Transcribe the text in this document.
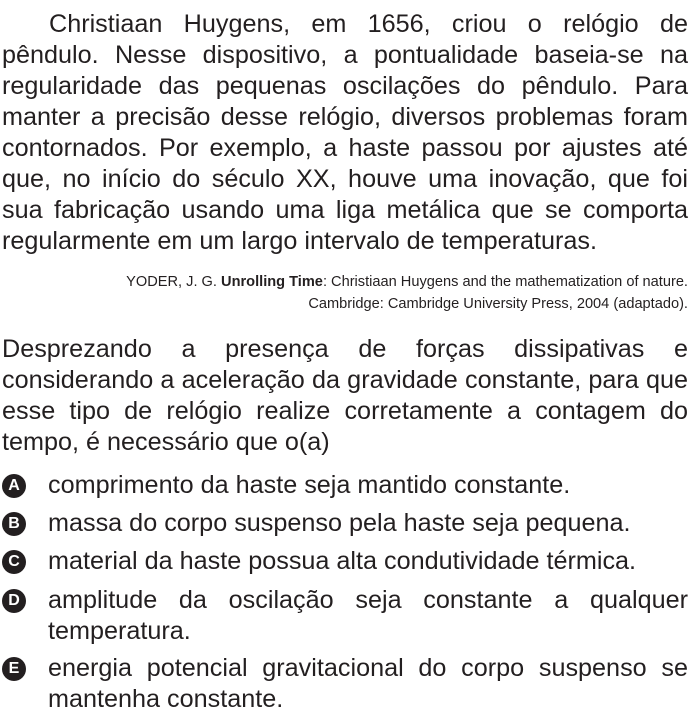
Christiaan Huygens, em 1656, criou o relógio de pêndulo. Nesse dispositivo, a pontualidade baseia-se na regularidade das pequenas oscilações do pêndulo. Para manter a precisão desse relógio, diversos problemas foram contornados. Por exemplo, a haste passou por ajustes até que, no início do século XX, houve uma inovação, que foi sua fabricação usando uma liga metálica que se comporta regularmente em um largo intervalo de temperaturas.

YODER, J. G. Unrolling Time: Christiaan Huygens and the mathematization of nature.
Cambridge: Cambridge University Press, 2004 (adaptado).

Desprezando a presença de forças dissipativas e considerando a aceleração da gravidade constante, para que esse tipo de relógio realize corretamente a contagem do tempo, é necessário que o(a)

A comprimento da haste seja mantido constante.
B massa do corpo suspenso pela haste seja pequena.
C material da haste possua alta condutividade térmica.
D amplitude da oscilação seja constante a qualquer temperatura.
E energia potencial gravitacional do corpo suspenso se mantenha constante.
